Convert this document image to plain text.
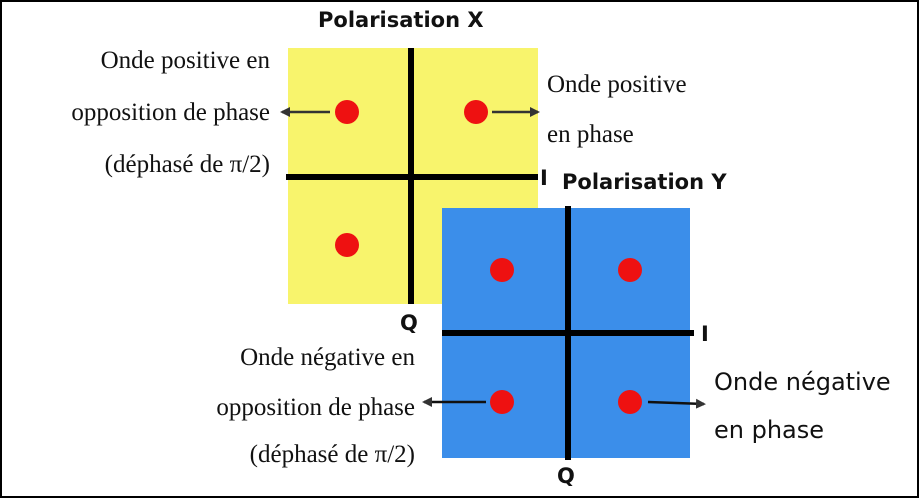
Polarisation X
I
Q
Polarisation Y
I
Q
Onde positive en
opposition de phase
(déphasé de π/2)
Onde positive
en phase
Onde négative en
opposition de phase
(déphasé de π/2)
Onde négative
en phase
